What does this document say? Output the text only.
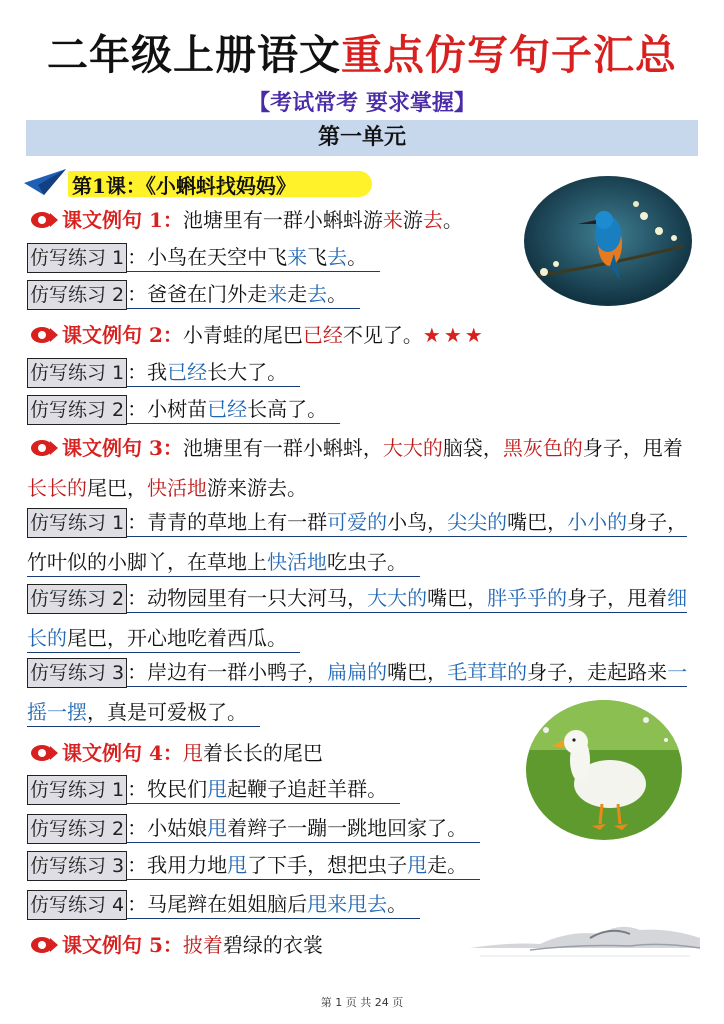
二年级上册语文重点仿写句子汇总
【考试常考 要求掌握】
第一单元
第1课：《小蝌蚪找妈妈》
课文例句 1：池塘里有一群小蝌蚪游来游去。
仿写练习 1 ：小鸟在天空中飞来飞去。
仿写练习 2 ：爸爸在门外走来走去。
课文例句 2：小青蛙的尾巴已经不见了。★★★
仿写练习 1 ：我已经长大了。
仿写练习 2 ：小树苗已经长高了。
课文例句 3：池塘里有一群小蝌蚪，大大的脑袋，黑灰色的身子，甩着长长的尾巴，快活地游来游去。
仿写练习 1 ：青青的草地上有一群可爱的小鸟，尖尖的嘴巴，小小的身子，竹叶似的小脚丫，在草地上快活地吃虫子。
仿写练习 2 ：动物园里有一只大河马，大大的嘴巴，胖乎乎的身子，甩着细长的尾巴，开心地吃着西瓜。
仿写练习 3 ：岸边有一群小鸭子，扁扁的嘴巴，毛茸茸的身子，走起路来一摇一摆，真是可爱极了。
课文例句 4：甩着长长的尾巴
仿写练习 1 ：牧民们甩起鞭子追赶羊群。
仿写练习 2 ：小姑娘甩着辫子一蹦一跳地回家了。
仿写练习 3 ：我用力地甩了下手，想把虫子甩走。
仿写练习 4 ：马尾辫在姐姐脑后甩来甩去。
课文例句 5：披着碧绿的衣裳
第 1 页 共 24 页
